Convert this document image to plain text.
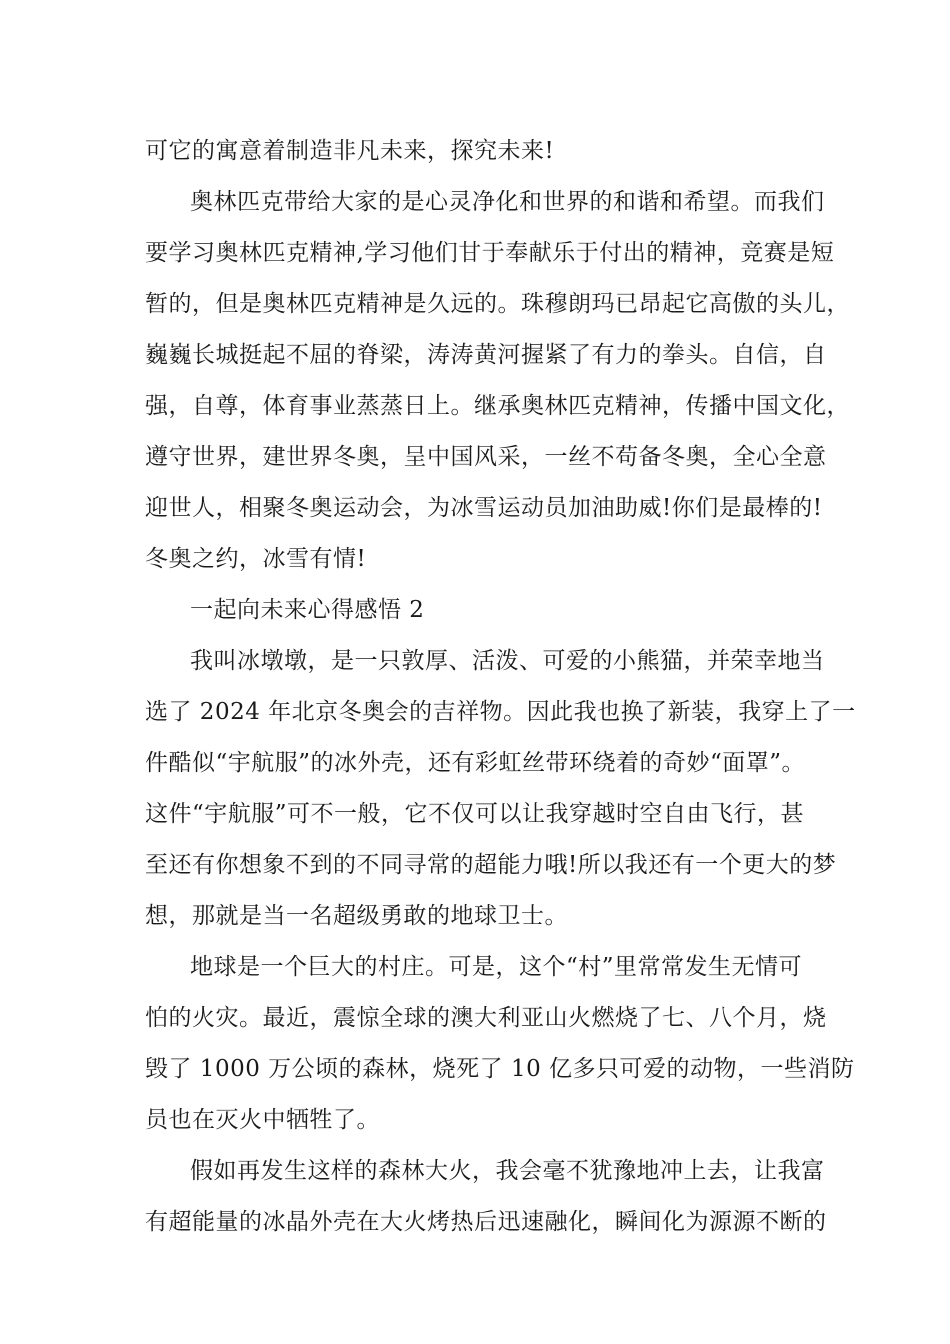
可它的寓意着制造非凡未来，探究未来!
奥林匹克带给大家的是心灵净化和世界的和谐和希望。而我们
要学习奥林匹克精神,学习他们甘于奉献乐于付出的精神，竞赛是短
暂的，但是奥林匹克精神是久远的。珠穆朗玛已昂起它高傲的头儿，
巍巍长城挺起不屈的脊梁，涛涛黄河握紧了有力的拳头。自信，自
强，自尊，体育事业蒸蒸日上。继承奥林匹克精神，传播中国文化，
遵守世界，建世界冬奥，呈中国风采，一丝不苟备冬奥，全心全意
迎世人，相聚冬奥运动会，为冰雪运动员加油助威!你们是最棒的!
冬奥之约，冰雪有情!
一起向未来心得感悟 2
我叫冰墩墩，是一只敦厚、活泼、可爱的小熊猫，并荣幸地当
选了 2024 年北京冬奥会的吉祥物。因此我也换了新装，我穿上了一
件酷似“宇航服”的冰外壳，还有彩虹丝带环绕着的奇妙“面罩”。
这件“宇航服”可不一般，它不仅可以让我穿越时空自由飞行，甚
至还有你想象不到的不同寻常的超能力哦!所以我还有一个更大的梦
想，那就是当一名超级勇敢的地球卫士。
地球是一个巨大的村庄。可是，这个“村”里常常发生无情可
怕的火灾。最近，震惊全球的澳大利亚山火燃烧了七、八个月，烧
毁了 1000 万公顷的森林，烧死了 10 亿多只可爱的动物，一些消防
员也在灭火中牺牲了。
假如再发生这样的森林大火，我会毫不犹豫地冲上去，让我富
有超能量的冰晶外壳在大火烤热后迅速融化，瞬间化为源源不断的
